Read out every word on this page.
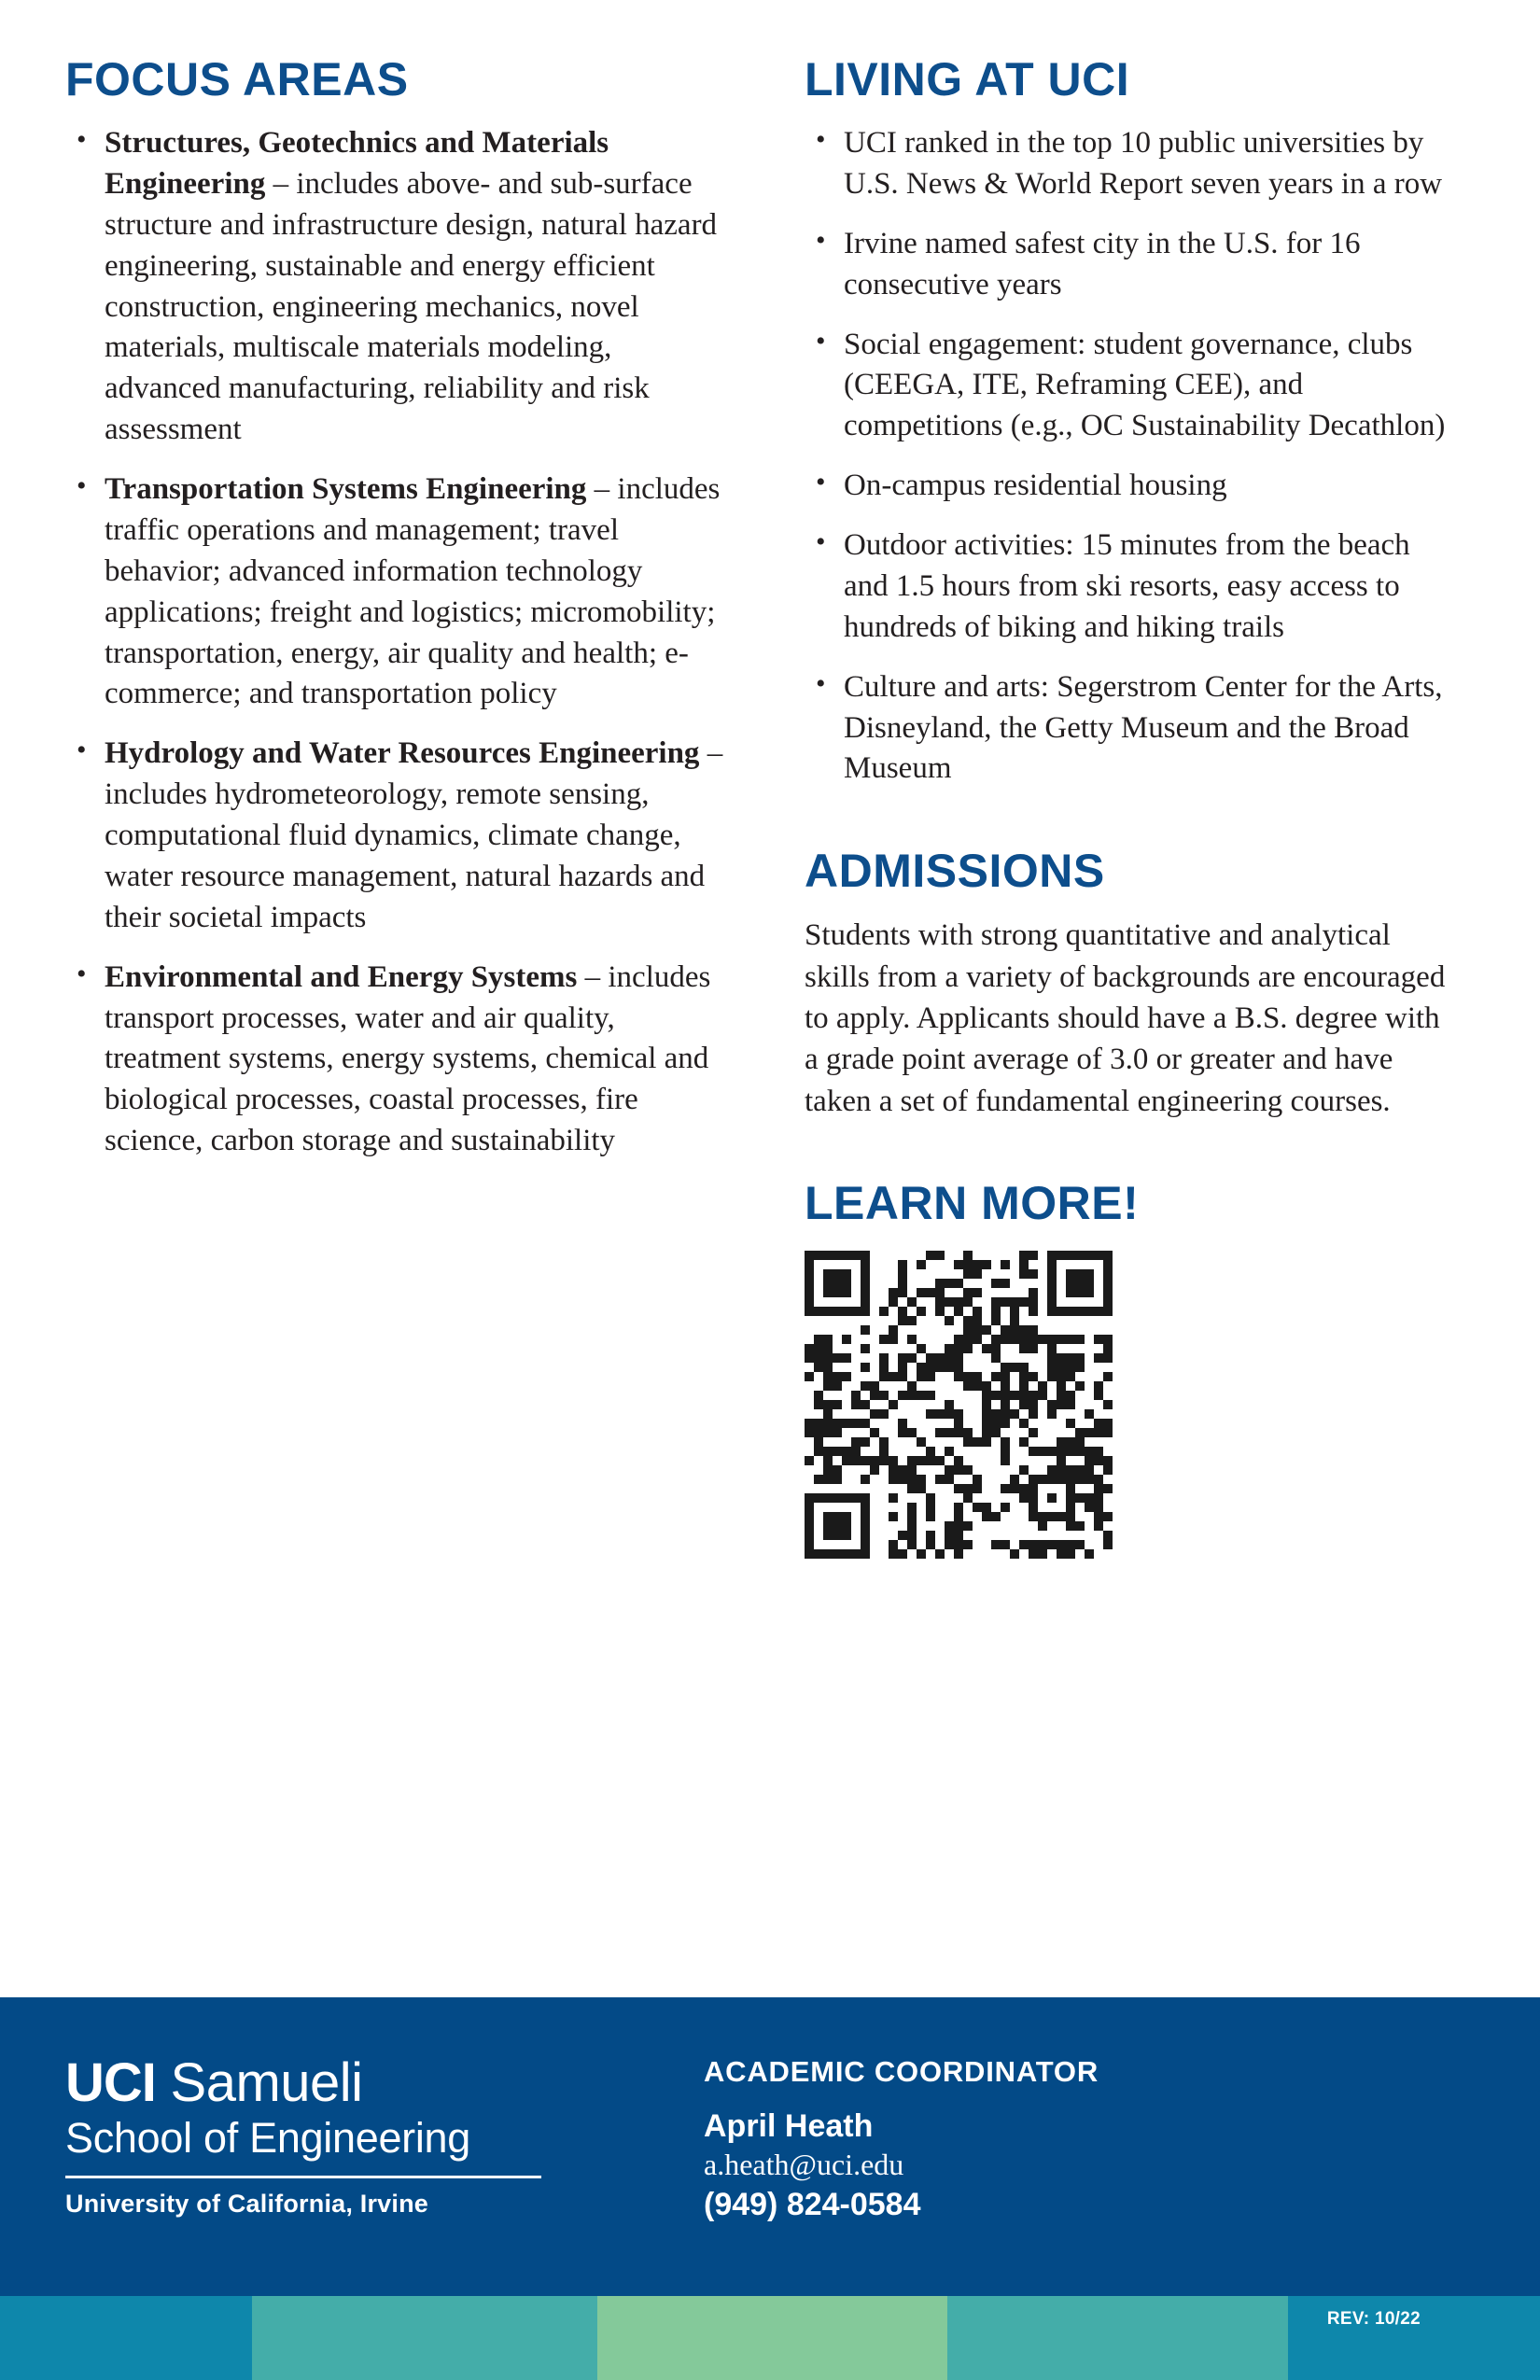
FOCUS AREAS
• Structures, Geotechnics and Materials Engineering – includes above- and sub-surface structure and infrastructure design, natural hazard engineering, sustainable and energy efficient construction, engineering mechanics, novel materials, multiscale materials modeling, advanced manufacturing, reliability and risk assessment
• Transportation Systems Engineering – includes traffic operations and management; travel behavior; advanced information technology applications; freight and logistics; micromobility; transportation, energy, air quality and health; e-commerce; and transportation policy
• Hydrology and Water Resources Engineering – includes hydrometeorology, remote sensing, computational fluid dynamics, climate change, water resource management, natural hazards and their societal impacts
• Environmental and Energy Systems – includes transport processes, water and air quality, treatment systems, energy systems, chemical and biological processes, coastal processes, fire science, carbon storage and sustainability
LIVING AT UCI
• UCI ranked in the top 10 public universities by U.S. News & World Report seven years in a row
• Irvine named safest city in the U.S. for 16 consecutive years
• Social engagement: student governance, clubs (CEEGA, ITE, Reframing CEE), and competitions (e.g., OC Sustainability Decathlon)
• On-campus residential housing
• Outdoor activities: 15 minutes from the beach and 1.5 hours from ski resorts, easy access to hundreds of biking and hiking trails
• Culture and arts: Segerstrom Center for the Arts, Disneyland, the Getty Museum and the Broad Museum
ADMISSIONS

Students with strong quantitative and analytical skills from a variety of backgrounds are encouraged to apply. Applicants should have a B.S. degree with a grade point average of 3.0 or greater and have taken a set of fundamental engineering courses.

LEARN MORE!
UCI Samueli
School of Engineering
University of California, Irvine
ACADEMIC COORDINATOR
April Heath
a.heath@uci.edu
(949) 824-0584
REV: 10/22
